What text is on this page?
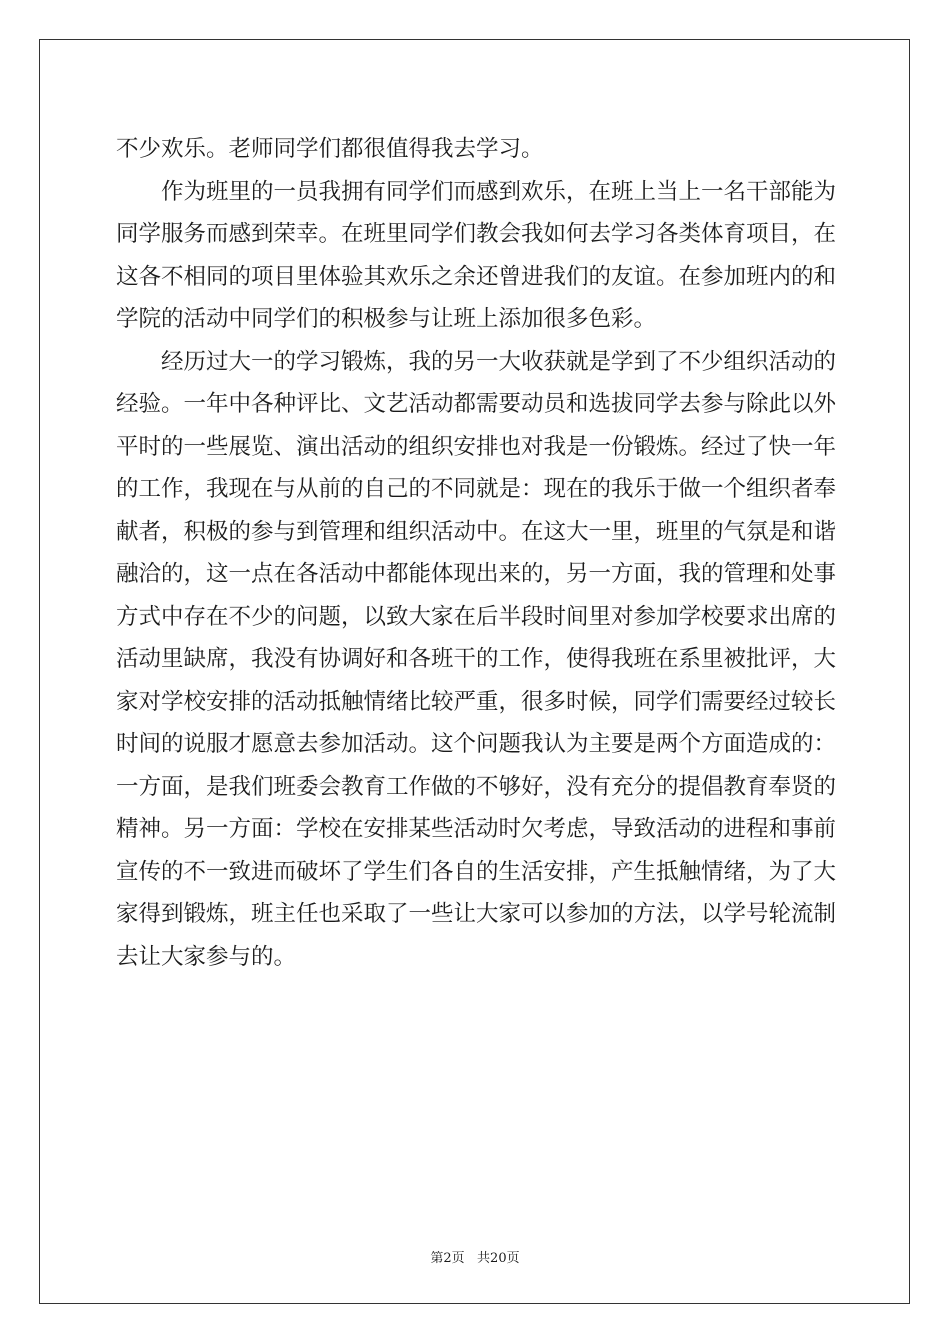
不少欢乐。老师同学们都很值得我去学习。

作为班里的一员我拥有同学们而感到欢乐，在班上当上一名干部能为同学服务而感到荣幸。在班里同学们教会我如何去学习各类体育项目，在这各不相同的项目里体验其欢乐之余还曾进我们的友谊。在参加班内的和学院的活动中同学们的积极参与让班上添加很多色彩。

经历过大一的学习锻炼，我的另一大收获就是学到了不少组织活动的经验。一年中各种评比、文艺活动都需要动员和选拔同学去参与除此以外平时的一些展览、演出活动的组织安排也对我是一份锻炼。经过了快一年的工作，我现在与从前的自己的不同就是：现在的我乐于做一个组织者奉献者，积极的参与到管理和组织活动中。在这大一里，班里的气氛是和谐融洽的，这一点在各活动中都能体现出来的，另一方面，我的管理和处事方式中存在不少的问题，以致大家在后半段时间里对参加学校要求出席的活动里缺席，我没有协调好和各班干的工作，使得我班在系里被批评，大家对学校安排的活动抵触情绪比较严重，很多时候，同学们需要经过较长时间的说服才愿意去参加活动。这个问题我认为主要是两个方面造成的：一方面，是我们班委会教育工作做的不够好，没有充分的提倡教育奉贤的精神。另一方面：学校在安排某些活动时欠考虑，导致活动的进程和事前宣传的不一致进而破坏了学生们各自的生活安排，产生抵触情绪，为了大家得到锻炼，班主任也采取了一些让大家可以参加的方法，以学号轮流制去让大家参与的。

第2页   共20页
